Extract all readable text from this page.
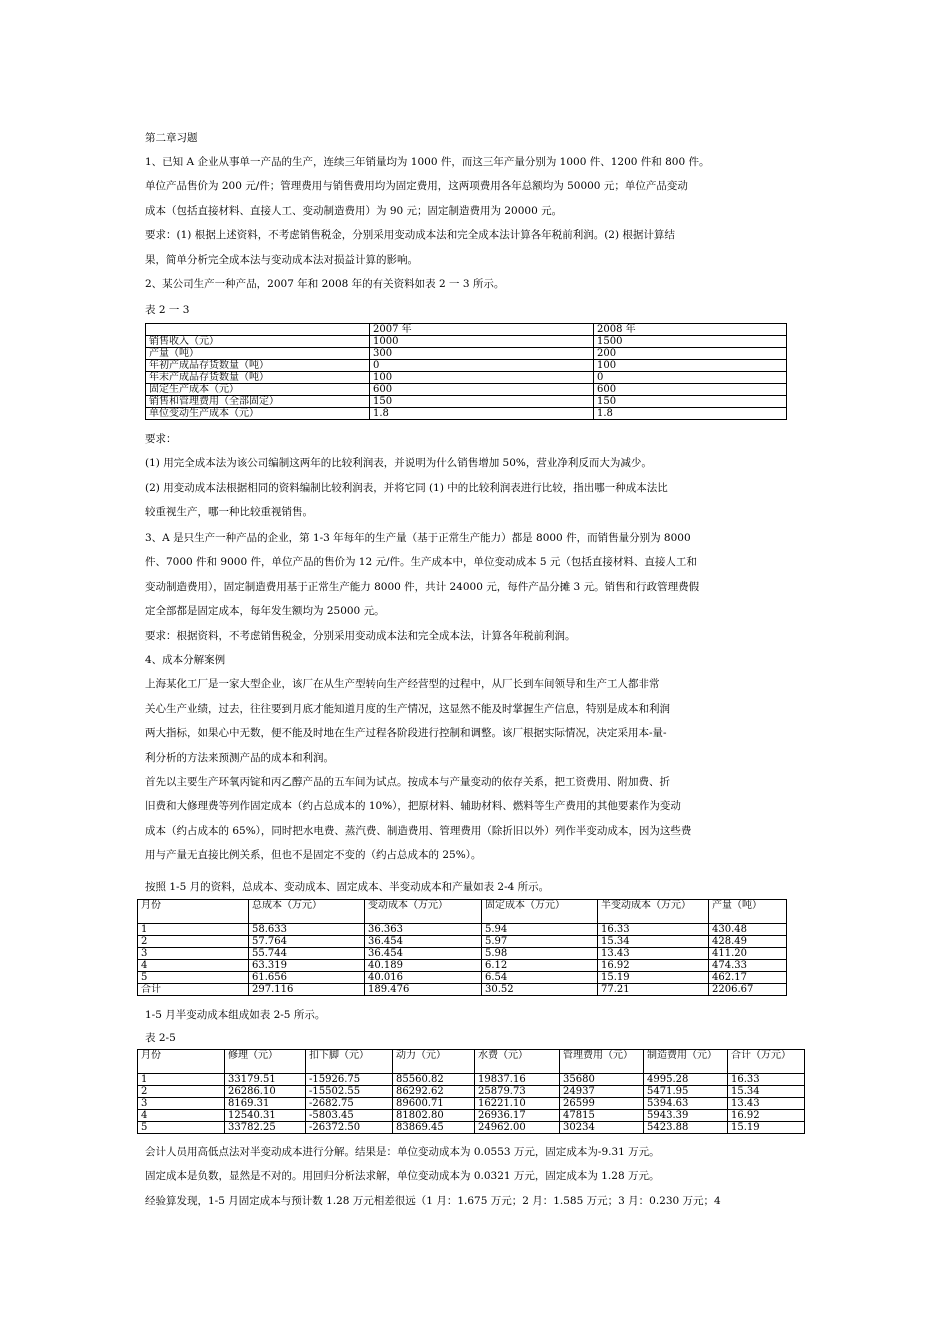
第二章习题
1、已知 A 企业从事单一产品的生产，连续三年销量均为 1000 件，而这三年产量分别为 1000 件、1200 件和 800 件。
单位产品售价为 200 元/件；管理费用与销售费用均为固定费用，这两项费用各年总额均为 50000 元；单位产品变动
成本（包括直接材料、直接人工、变动制造费用）为 90 元；固定制造费用为 20000 元。
要求：(1) 根据上述资料，不考虑销售税金，分别采用变动成本法和完全成本法计算各年税前利润。(2) 根据计算结
果，简单分析完全成本法与变动成本法对损益计算的影响。
2、某公司生产一种产品，2007 年和 2008 年的有关资料如表 2 一 3 所示。
表 2 一 3
	2007 年	2008 年
销售收入（元）	1000	1500
产量（吨）	300	200
年初产成品存货数量（吨）	0	100
年末产成品存货数量（吨）	100	0
固定生产成本（元）	600	600
销售和管理费用（全部固定）	150	150
单位变动生产成本（元）	1.8	1.8
要求：
(1) 用完全成本法为该公司编制这两年的比较利润表，并说明为什么销售增加 50%，营业净利反而大为减少。
(2) 用变动成本法根据相同的资料编制比较利润表，并将它同 (1) 中的比较利润表进行比较，指出哪一种成本法比
较重视生产，哪一种比较重视销售。
3、A 是只生产一种产品的企业，第 1-3 年每年的生产量（基于正常生产能力）都是 8000 件，而销售量分别为 8000
件、7000 件和 9000 件，单位产品的售价为 12 元/件。生产成本中，单位变动成本 5 元（包括直接材料、直接人工和
变动制造费用），固定制造费用基于正常生产能力 8000 件，共计 24000 元，每件产品分摊 3 元。销售和行政管理费假
定全部都是固定成本，每年发生额均为 25000 元。
要求：根据资料，不考虑销售税金，分别采用变动成本法和完全成本法，计算各年税前利润。
4、成本分解案例
上海某化工厂是一家大型企业，该厂在从生产型转向生产经营型的过程中，从厂长到车间领导和生产工人都非常
关心生产业绩，过去，往往要到月底才能知道月度的生产情况，这显然不能及时掌握生产信息，特别是成本和利润
两大指标，如果心中无数，便不能及时地在生产过程各阶段进行控制和调整。该厂根据实际情况，决定采用本-量-
利分析的方法来预测产品的成本和利润。
首先以主要生产环氧丙锭和丙乙醇产品的五车间为试点。按成本与产量变动的依存关系，把工资费用、附加费、折
旧费和大修理费等列作固定成本（约占总成本的 10%），把原材料、辅助材料、燃料等生产费用的其他要素作为变动
成本（约占成本的 65%），同时把水电费、蒸汽费、制造费用、管理费用（除折旧以外）列作半变动成本，因为这些费
用与产量无直接比例关系，但也不是固定不变的（约占总成本的 25%）。
按照 1-5 月的资料，总成本、变动成本、固定成本、半变动成本和产量如表 2-4 所示。
月份	总成本（万元）	变动成本（万元）	固定成本（万元）	半变动成本（万元）	产量（吨）
1	58.633	36.363	5.94	16.33	430.48
2	57.764	36.454	5.97	15.34	428.49
3	55.744	36.454	5.98	13.43	411.20
4	63.319	40.189	6.12	16.92	474.33
5	61.656	40.016	6.54	15.19	462.17
合计	297.116	189.476	30.52	77.21	2206.67
1-5 月半变动成本组成如表 2-5 所示。
表 2-5
月份	修理（元）	扣下脚（元）	动力（元）	水费（元）	管理费用（元）	制造费用（元）	合计（万元）
1	33179.51	-15926.75	85560.82	19837.16	35680	4995.28	16.33
2	26286.10	-15502.55	86292.62	25879.73	24937	5471.95	15.34
3	8169.31	-2682.75	89600.71	16221.10	26599	5394.63	13.43
4	12540.31	-5803.45	81802.80	26936.17	47815	5943.39	16.92
5	33782.25	-26372.50	83869.45	24962.00	30234	5423.88	15.19
会计人员用高低点法对半变动成本进行分解。结果是：单位变动成本为 0.0553 万元，固定成本为-9.31 万元。
固定成本是负数，显然是不对的。用回归分析法求解，单位变动成本为 0.0321 万元，固定成本为 1.28 万元。
经验算发现，1-5 月固定成本与预计数 1.28 万元相差很远（1 月：1.675 万元；2 月：1.585 万元；3 月：0.230 万元；4
